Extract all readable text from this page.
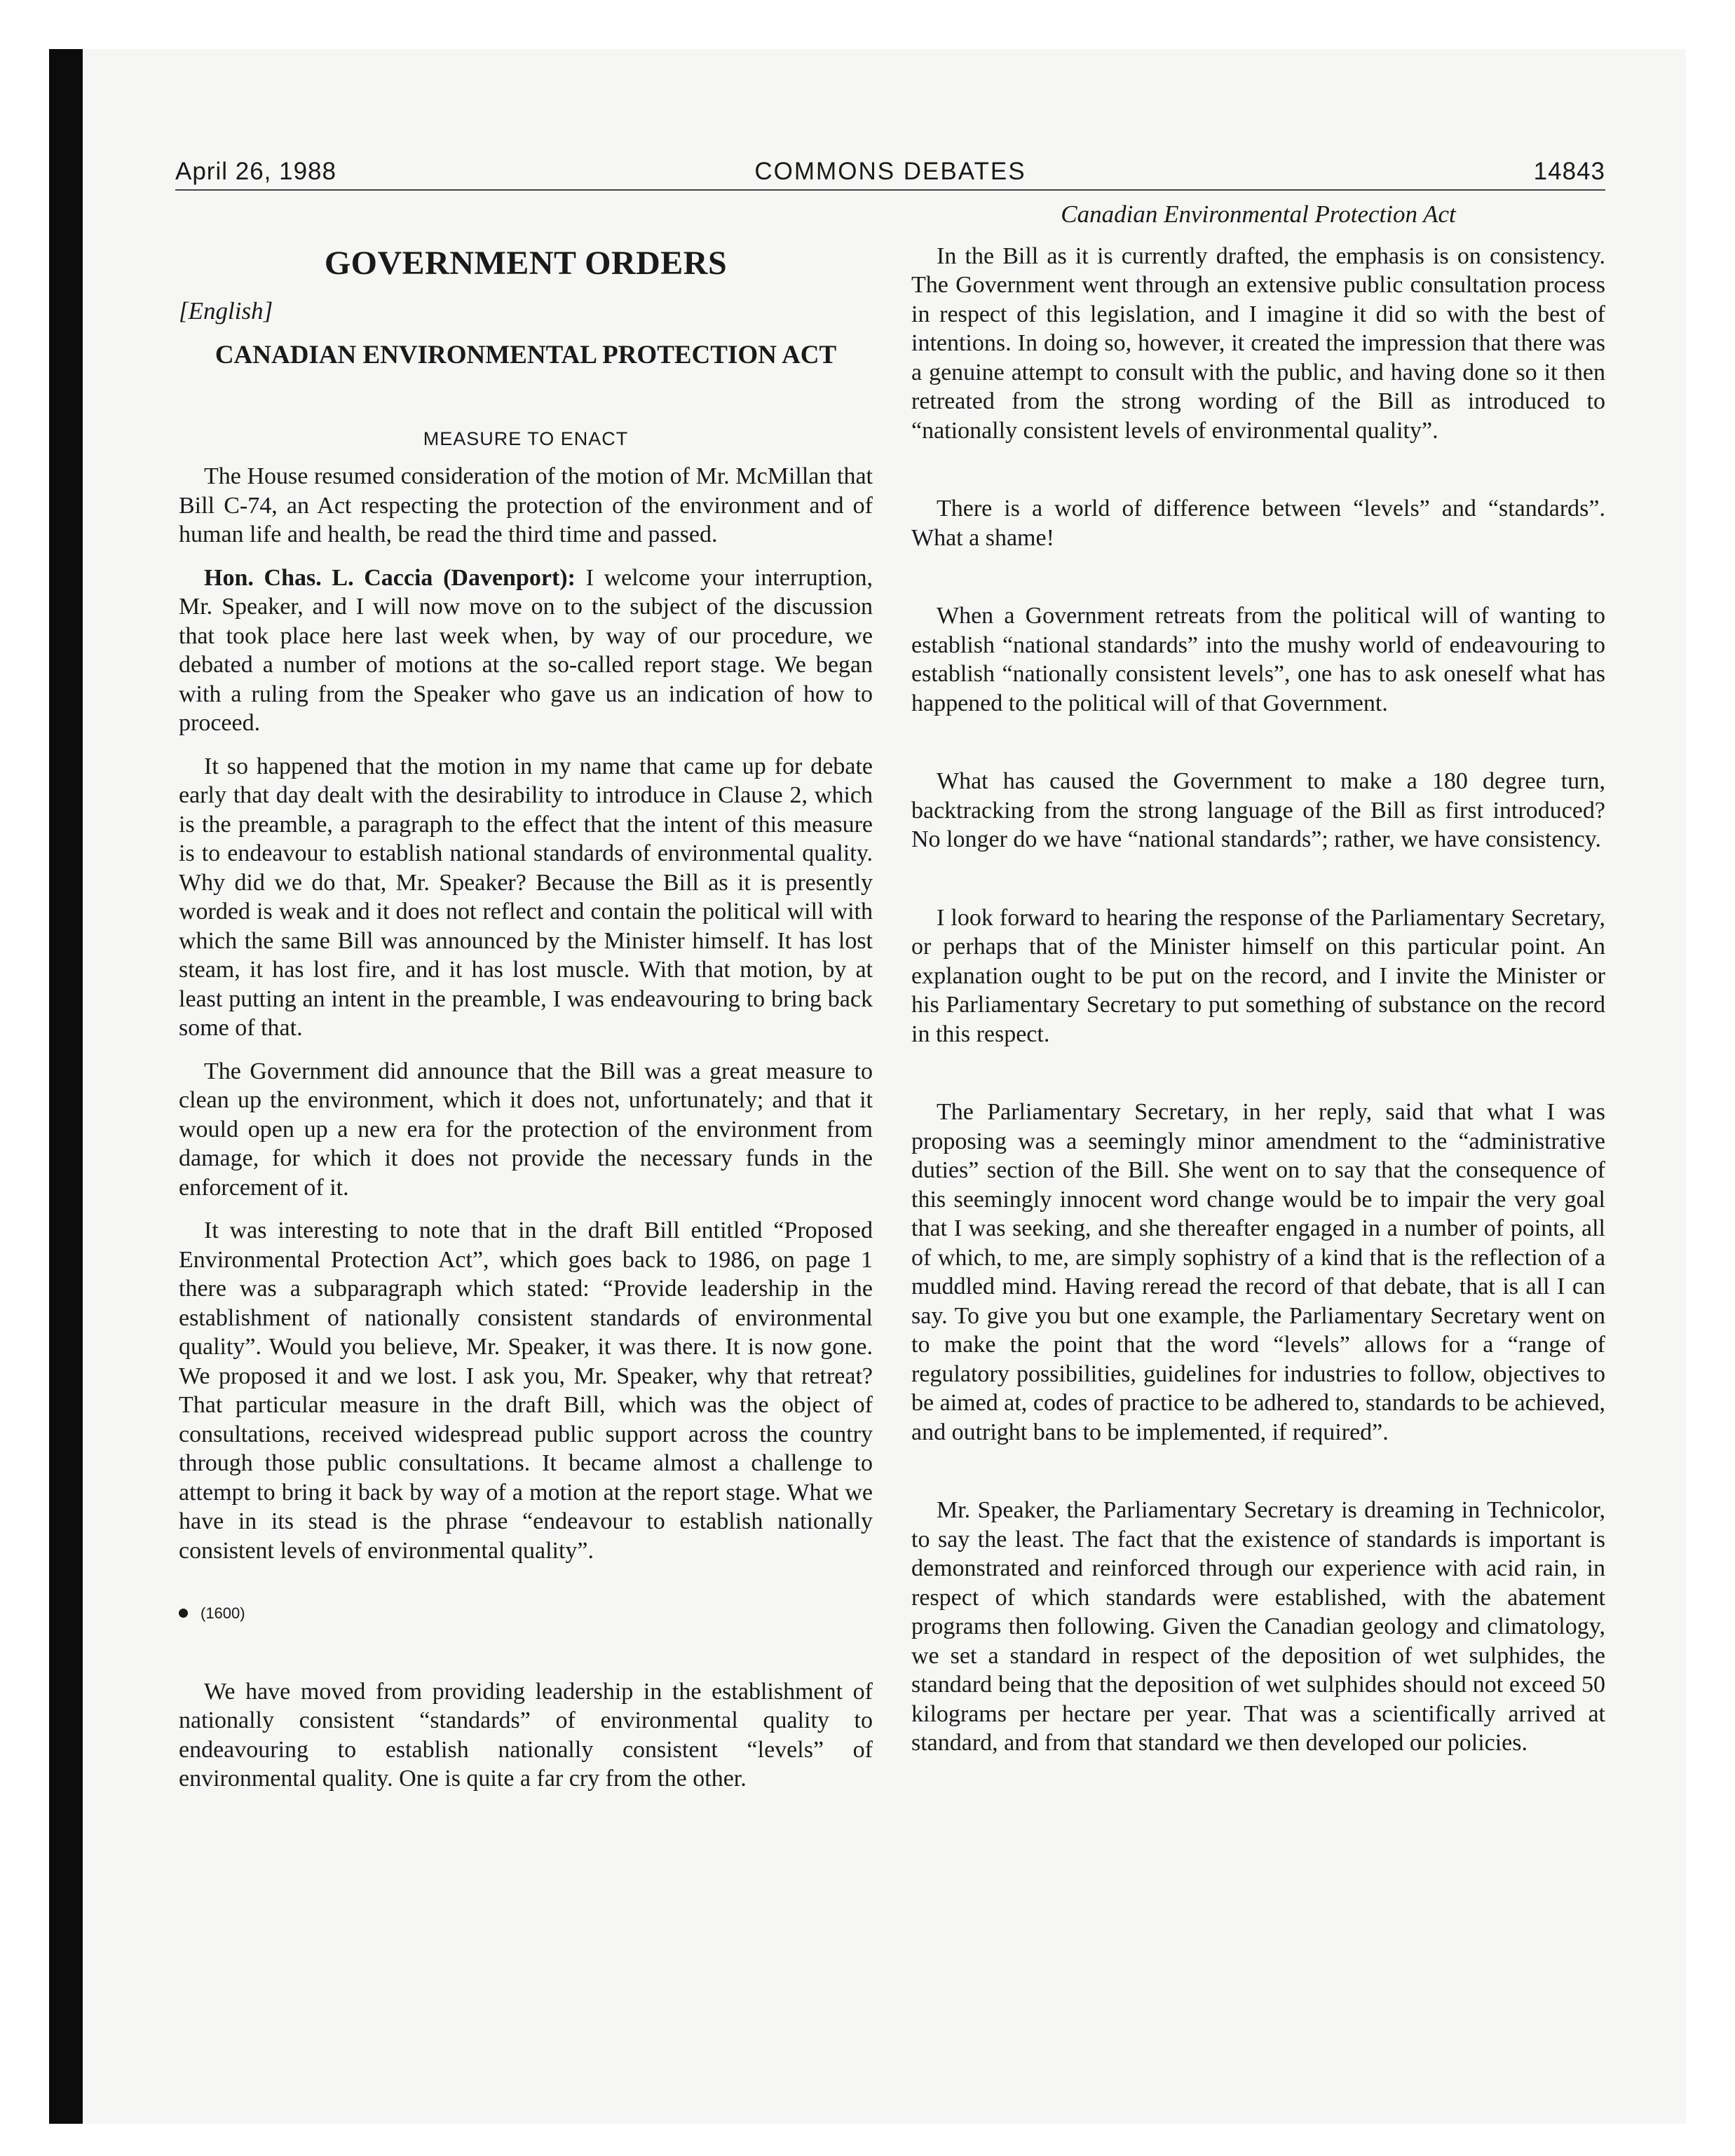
April 26, 1988	COMMONS DEBATES	14843
GOVERNMENT ORDERS
[English]
CANADIAN ENVIRONMENTAL PROTECTION ACT
MEASURE TO ENACT

The House resumed consideration of the motion of Mr. McMillan that Bill C-74, an Act respecting the protection of the environment and of human life and health, be read the third time and passed.

Hon. Chas. L. Caccia (Davenport): I welcome your interruption, Mr. Speaker, and I will now move on to the subject of the discussion that took place here last week when, by way of our procedure, we debated a number of motions at the so-called report stage. We began with a ruling from the Speaker who gave us an indication of how to proceed.

It so happened that the motion in my name that came up for debate early that day dealt with the desirability to introduce in Clause 2, which is the preamble, a paragraph to the effect that the intent of this measure is to endeavour to establish national standards of environmental quality. Why did we do that, Mr. Speaker? Because the Bill as it is presently worded is weak and it does not reflect and contain the political will with which the same Bill was announced by the Minister himself. It has lost steam, it has lost fire, and it has lost muscle. With that motion, by at least putting an intent in the preamble, I was endeavouring to bring back some of that.

The Government did announce that the Bill was a great measure to clean up the environment, which it does not, unfortunately; and that it would open up a new era for the protection of the environment from damage, for which it does not provide the necessary funds in the enforcement of it.

It was interesting to note that in the draft Bill entitled “Proposed Environmental Protection Act”, which goes back to 1986, on page 1 there was a subparagraph which stated: “Provide leadership in the establishment of nationally consistent standards of environmental quality”. Would you believe, Mr. Speaker, it was there. It is now gone. We proposed it and we lost. I ask you, Mr. Speaker, why that retreat? That particular measure in the draft Bill, which was the object of consultations, received widespread public support across the country through those public consultations. It became almost a challenge to attempt to bring it back by way of a motion at the report stage. What we have in its stead is the phrase “endeavour to establish nationally consistent levels of environmental quality”.

(1600)

We have moved from providing leadership in the establishment of nationally consistent “standards” of environmental quality to endeavouring to establish nationally consistent “levels” of environmental quality. One is quite a far cry from the other.

Canadian Environmental Protection Act

In the Bill as it is currently drafted, the emphasis is on consistency. The Government went through an extensive public consultation process in respect of this legislation, and I imagine it did so with the best of intentions. In doing so, however, it created the impression that there was a genuine attempt to consult with the public, and having done so it then retreated from the strong wording of the Bill as introduced to “nationally consistent levels of environmental quality”.

There is a world of difference between “levels” and “standards”. What a shame!

When a Government retreats from the political will of wanting to establish “national standards” into the mushy world of endeavouring to establish “nationally consistent levels”, one has to ask oneself what has happened to the political will of that Government.

What has caused the Government to make a 180 degree turn, backtracking from the strong language of the Bill as first introduced? No longer do we have “national standards”; rather, we have consistency.

I look forward to hearing the response of the Parliamentary Secretary, or perhaps that of the Minister himself on this particular point. An explanation ought to be put on the record, and I invite the Minister or his Parliamentary Secretary to put something of substance on the record in this respect.

The Parliamentary Secretary, in her reply, said that what I was proposing was a seemingly minor amendment to the “administrative duties” section of the Bill. She went on to say that the consequence of this seemingly innocent word change would be to impair the very goal that I was seeking, and she thereafter engaged in a number of points, all of which, to me, are simply sophistry of a kind that is the reflection of a muddled mind. Having reread the record of that debate, that is all I can say. To give you but one example, the Parliamentary Secretary went on to make the point that the word “levels” allows for a “range of regulatory possibilities, guidelines for industries to follow, objectives to be aimed at, codes of practice to be adhered to, standards to be achieved, and outright bans to be implemented, if required”.

Mr. Speaker, the Parliamentary Secretary is dreaming in Technicolor, to say the least. The fact that the existence of standards is important is demonstrated and reinforced through our experience with acid rain, in respect of which standards were established, with the abatement programs then following. Given the Canadian geology and climatology, we set a standard in respect of the deposition of wet sulphides, the standard being that the deposition of wet sulphides should not exceed 50 kilograms per hectare per year. That was a scientifically arrived at standard, and from that standard we then developed our policies.
